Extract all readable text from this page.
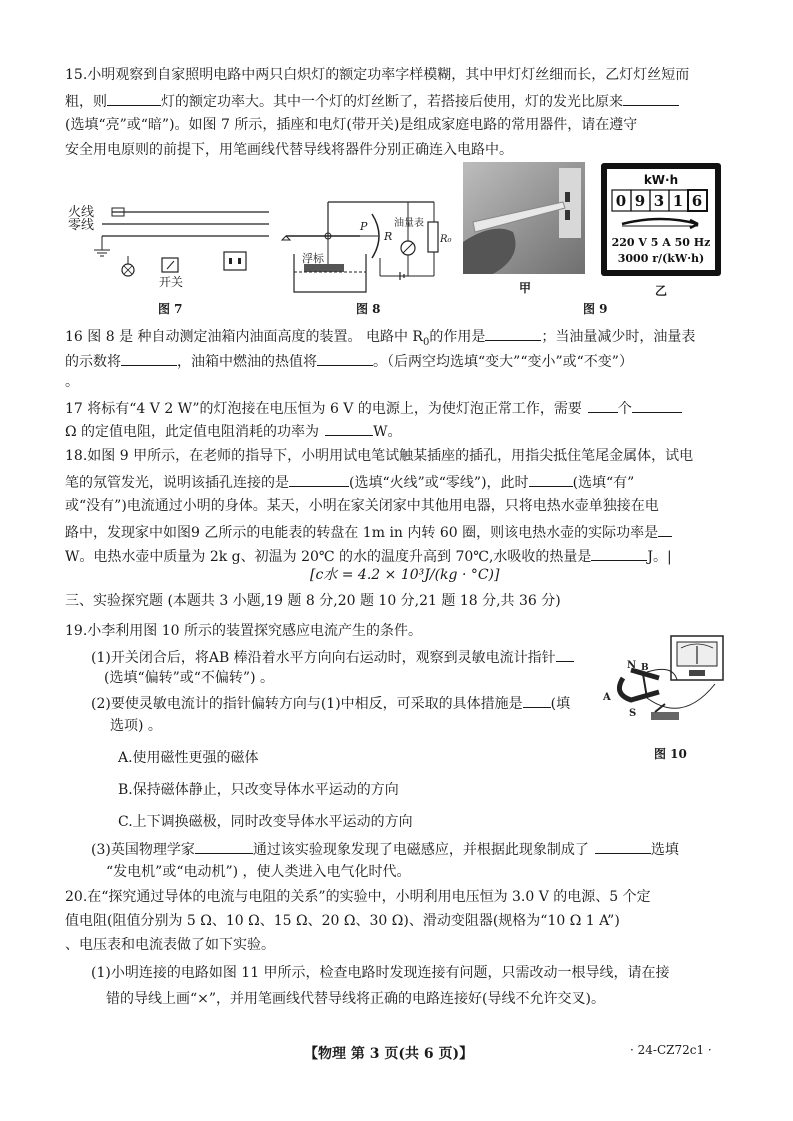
15.小明观察到自家照明电路中两只白炽灯的额定功率字样模糊，其中甲灯灯丝细而长，乙灯灯丝短而
粗，则	灯的额定功率大。其中一个灯的灯丝断了，若搭接后使用，灯的发光比原来
(选填“亮”或“暗”)。如图 7 所示，插座和电灯(带开关)是组成家庭电路的常用器件，请在遵守
安全用电原则的前提下，用笔画线代替导线将器件分别正确连入电路中。
火线
零线
开关
图 7
浮标
P
R
油量表
R₀
图 8
kW·h
0 9 3 1 6
220 V 5 A 50 Hz
3000 r/(kW·h)
甲	乙
图 9
16 图 8 是 种自动测定油箱内油面高度的装置。 电路中 $R_0$的作用是	；当油量减少时，油量表
的示数将	，油箱中燃油的热值将	。（后两空均选填“变大”“变小”或“不变”）
。
17 将标有“4 V 2 W”的灯泡接在电压恒为 6 V 的电源上，为使灯泡正常工作，需要	个
Ω 的定值电阻，此定值电阻消耗的功率为	W。
18.如图 9 甲所示，在老师的指导下，小明用试电笔试触某插座的插孔，用指尖抵住笔尾金属体，试电
笔的氖管发光，说明该插孔连接的是	(选填“火线”或“零线”)，此时	(选填“有”
或“没有”)电流通过小明的身体。某天，小明在家关闭家中其他用电器，只将电热水壶单独接在电
路中，发现家中如图9 乙所示的电能表的转盘在 1m in 内转 60 圈，则该电热水壶的实际功率是
W。电热水壶中质量为 2k g、初温为 20℃ 的水的温度升高到 70℃,水吸收的热量是	J。|
[c水 = 4.2 × 10³J/(kg · °C)]
三、实验探究题 (本题共 3 小题,19 题 8 分,20 题 10 分,21 题 18 分,共 36 分)
19.小李利用图 10 所示的装置探究感应电流产生的条件。
(1)开关闭合后，将AB 棒沿着水平方向向右运动时，观察到灵敏电流计指针
(选填“偏转”或“不偏转”) 。
(2)要使灵敏电流计的指针偏转方向与(1)中相反，可采取的具体措施是 (填
选项) 。
A.使用磁性更强的磁体
B.保持磁体静止，只改变导体水平运动的方向
C.上下调换磁极，同时改变导体水平运动的方向
(3)英国物理学家	通过该实验现象发现了电磁感应，并根据此现象制成了	选填
“发电机”或“电动机”) ，使人类进入电气化时代。
N B
A
S
图 10
20.在“探究通过导体的电流与电阻的关系”的实验中，小明利用电压恒为 3.0 V 的电源、5 个定
值电阻(阻值分别为 5 Ω、10 Ω、15 Ω、20 Ω、30 Ω)、滑动变阻器(规格为“10 Ω 1 A”)
、电压表和电流表做了如下实验。
(1)小明连接的电路如图 11 甲所示，检查电路时发现连接有问题，只需改动一根导线，请在接
错的导线上画“×”，并用笔画线代替导线将正确的电路连接好(导线不允许交叉)。
【物理 第 3 页(共 6 页)】	· 24-CZ72c1 ·
